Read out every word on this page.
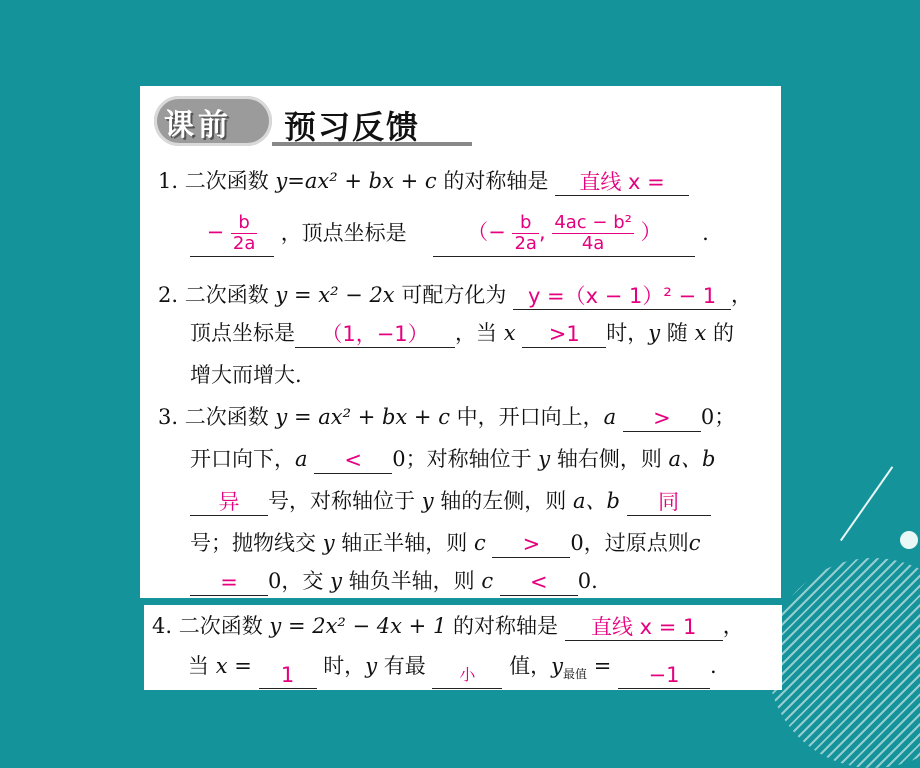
课前 预习反馈
1. 二次函数 y=ax² + bx + c 的对称轴是 直线 x =
− $\frac{b}{2a}$ ，顶点坐标是	（− $\frac{b}{2a}$ , $\frac{\text{4ac − b²}}{4a}$ ） .
2. 二次函数 y = x² − 2x 可配方化为 y =（x − 1）² − 1 ，
顶点坐标是 （1，−1） ，当 x >1 时，y 随 x 的
增大而增大.
3. 二次函数 y = ax² + bx + c 中，开口向上，a > 0；
开口向下，a < 0；对称轴位于 y 轴右侧，则 a、b
异 号，对称轴位于 y 轴的左侧，则 a、b 同
号；抛物线交 y 轴正半轴，则 c > 0，过原点则c
= 0，交 y 轴负半轴，则 c < 0.
4. 二次函数 y = 2x² − 4x + 1 的对称轴是 直线 x = 1 ，
当 x = 1 时，y 有最 小 值，$y_{最值} = -1$ .
